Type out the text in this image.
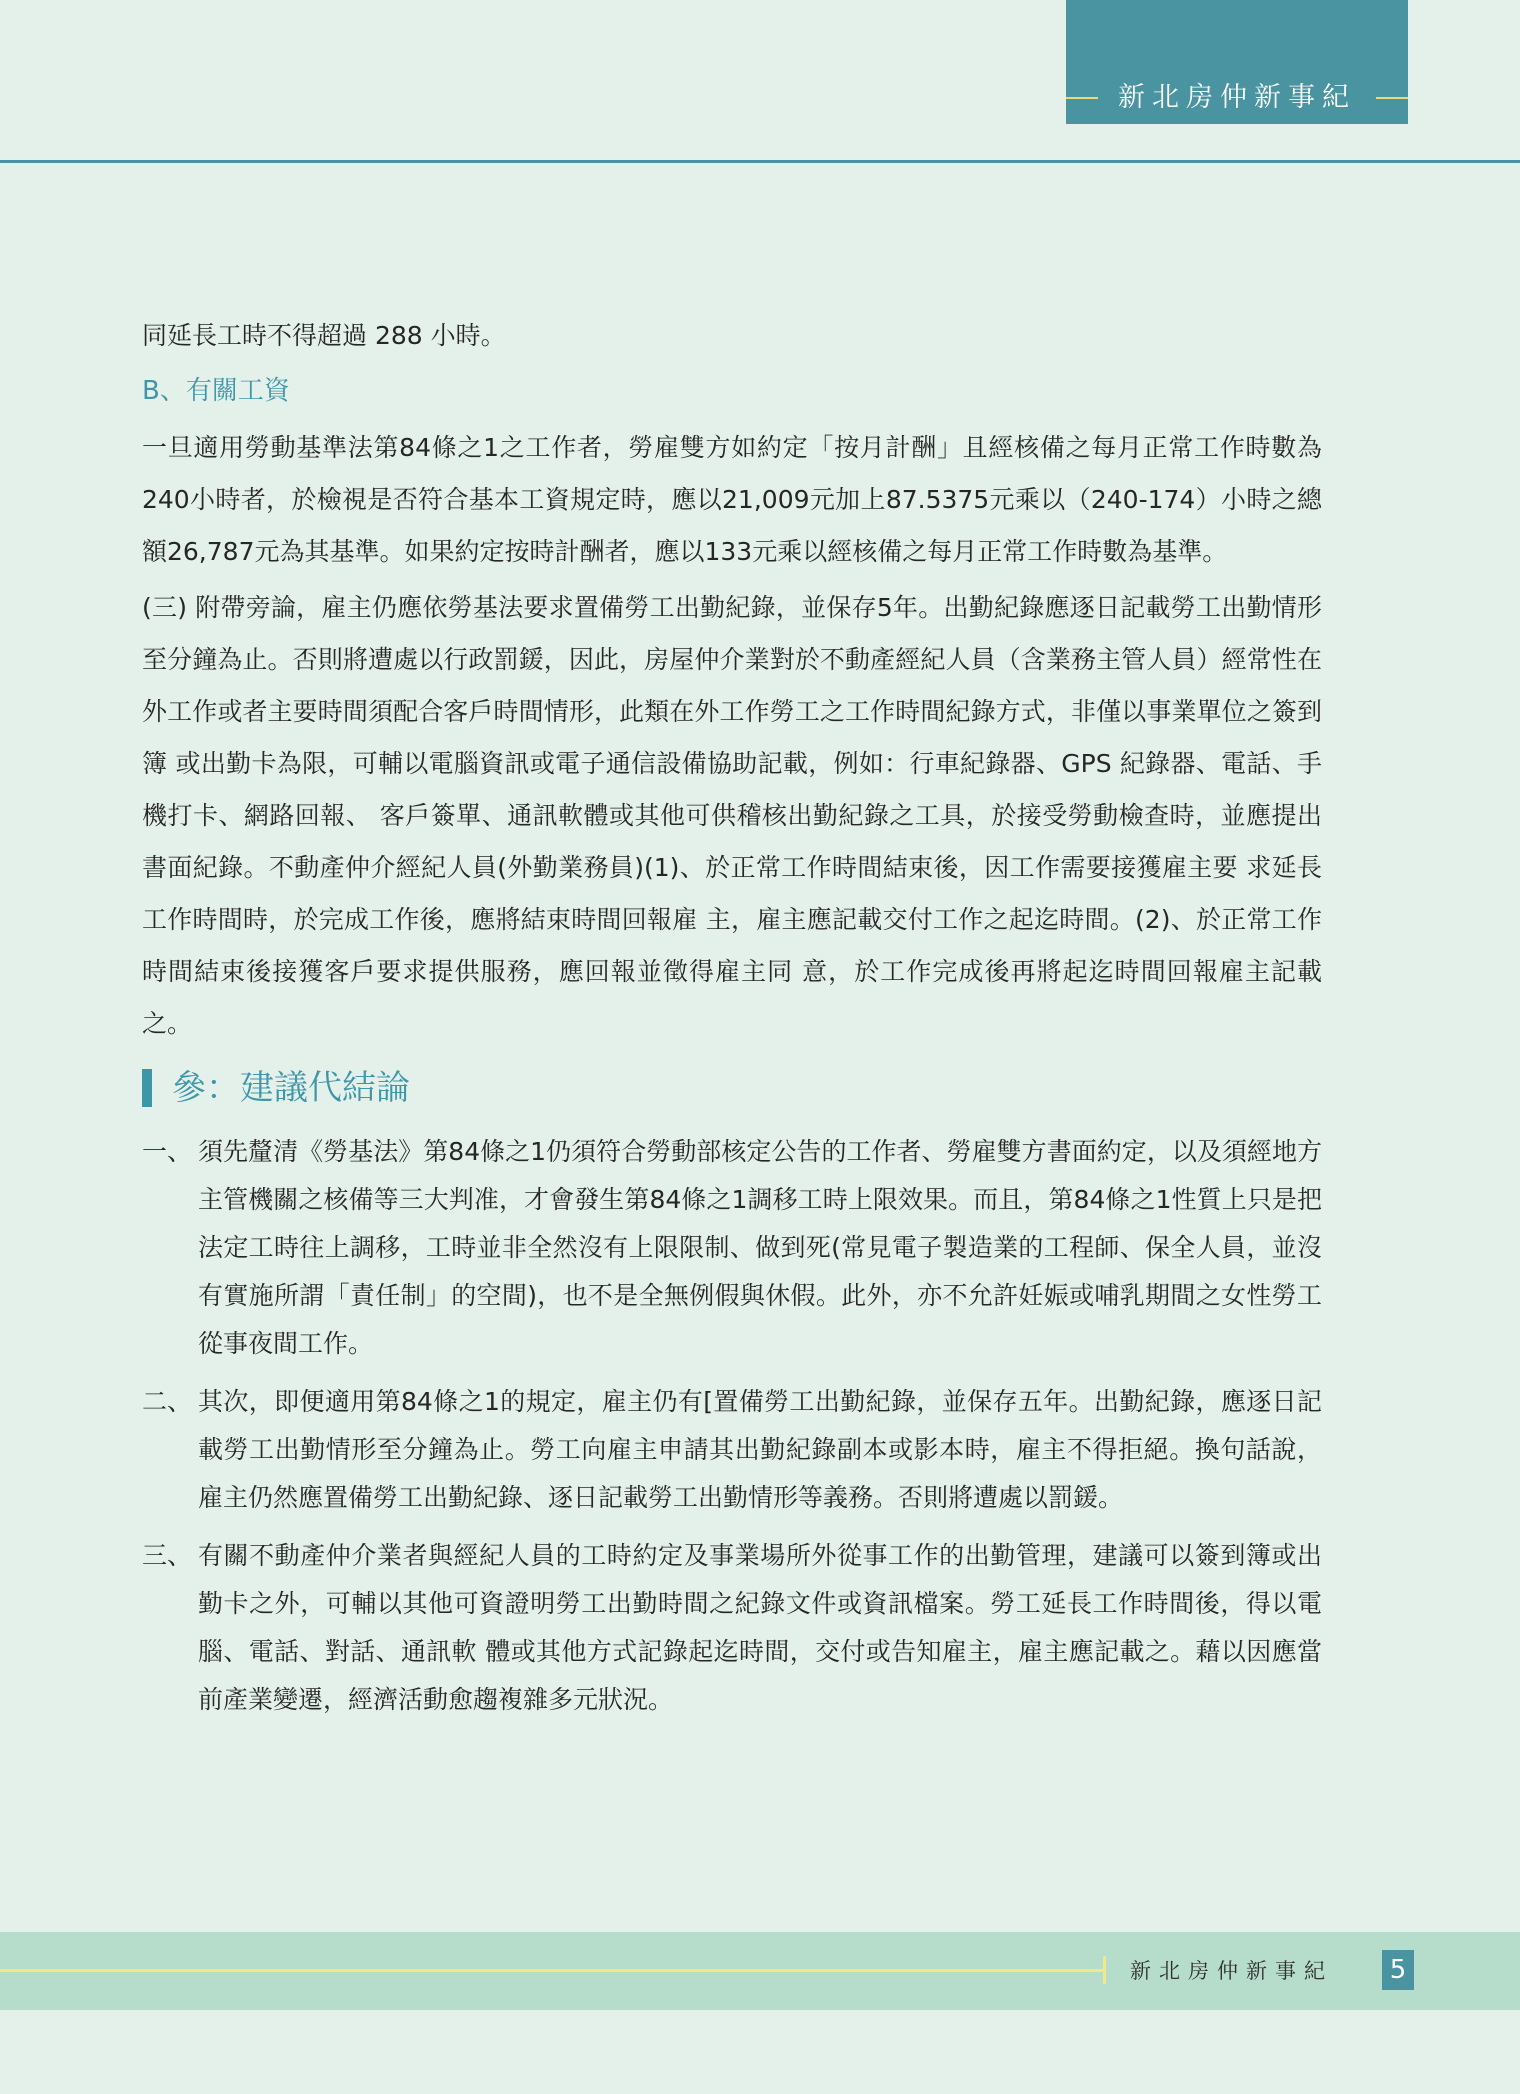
新北房仲新事紀

同延長工時不得超過 288 小時。

B、有關工資

一旦適用勞動基準法第84條之1之工作者，勞雇雙方如約定「按月計酬」且經核備之每月正常工作時數為240小時者，於檢視是否符合基本工資規定時，應以21,009元加上87.5375元乘以（240-174）小時之總額26,787元為其基準。如果約定按時計酬者，應以133元乘以經核備之每月正常工作時數為基準。

(三) 附帶旁論，雇主仍應依勞基法要求置備勞工出勤紀錄，並保存5年。出勤紀錄應逐日記載勞工出勤情形至分鐘為止。否則將遭處以行政罰鍰，因此，房屋仲介業對於不動產經紀人員（含業務主管人員）經常性在外工作或者主要時間須配合客戶時間情形，此類在外工作勞工之工作時間紀錄方式，非僅以事業單位之簽到簿 或出勤卡為限，可輔以電腦資訊或電子通信設備協助記載，例如：行車紀錄器、GPS 紀錄器、電話、手機打卡、網路回報、 客戶簽單、通訊軟體或其他可供稽核出勤紀錄之工具，於接受勞動檢查時，並應提出書面紀錄。不動產仲介經紀人員(外勤業務員)(1)、於正常工作時間結束後，因工作需要接獲雇主要 求延長工作時間時，於完成工作後，應將結束時間回報雇 主，雇主應記載交付工作之起迄時間。(2)、於正常工作時間結束後接獲客戶要求提供服務，應回報並徵得雇主同 意，於工作完成後再將起迄時間回報雇主記載之。

參：建議代結論
一、 須先釐清《勞基法》第84條之1仍須符合勞動部核定公告的工作者、勞雇雙方書面約定，以及須經地方主管機關之核備等三大判准，才會發生第84條之1調移工時上限效果。而且，第84條之1性質上只是把法定工時往上調移，工時並非全然沒有上限限制、做到死(常見電子製造業的工程師、保全人員，並沒有實施所謂「責任制」的空間)，也不是全無例假與休假。此外，亦不允許妊娠或哺乳期間之女性勞工從事夜間工作。
二、 其次，即便適用第84條之1的規定，雇主仍有[置備勞工出勤紀錄，並保存五年。出勤紀錄，應逐日記載勞工出勤情形至分鐘為止。勞工向雇主申請其出勤紀錄副本或影本時，雇主不得拒絕。換句話說，雇主仍然應置備勞工出勤紀錄、逐日記載勞工出勤情形等義務。否則將遭處以罰鍰。
三、 有關不動產仲介業者與經紀人員的工時約定及事業場所外從事工作的出勤管理，建議可以簽到簿或出勤卡之外，可輔以其他可資證明勞工出勤時間之紀錄文件或資訊檔案。勞工延長工作時間後，得以電腦、電話、對話、通訊軟 體或其他方式記錄起迄時間，交付或告知雇主，雇主應記載之。藉以因應當前產業變遷，經濟活動愈趨複雜多元狀況。
新北房仲新事紀 5
